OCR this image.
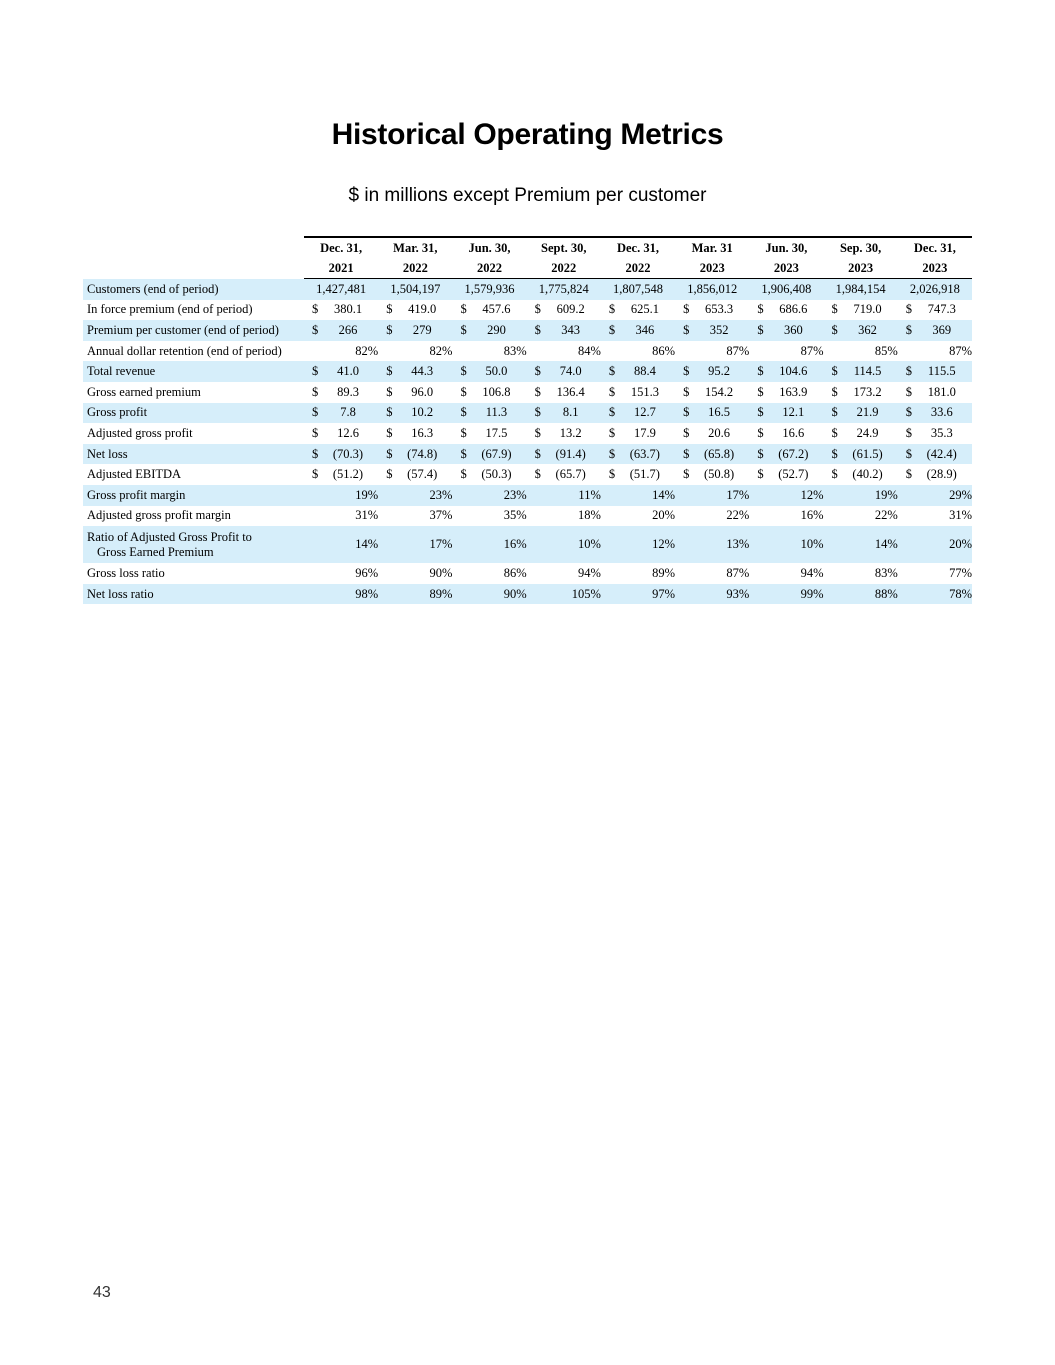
Historical Operating Metrics
$ in millions except Premium per customer
	Dec. 31,	Mar. 31,	Jun. 30,	Sept. 30,	Dec. 31,	Mar. 31	Jun. 30,	Sep. 30,	Dec. 31,
	2021	2022	2022	2022	2022	2023	2023	2023	2023
Customers (end of period)	1,427,481	1,504,197	1,579,936	1,775,824	1,807,548	1,856,012	1,906,408	1,984,154	2,026,918
In force premium (end of period)	$ 380.1	$ 419.0	$ 457.6	$ 609.2	$ 625.1	$ 653.3	$ 686.6	$ 719.0	$ 747.3
Premium per customer (end of period)	$ 266	$ 279	$ 290	$ 343	$ 346	$ 352	$ 360	$ 362	$ 369
Annual dollar retention (end of period)	82%	82%	83%	84%	86%	87%	87%	85%	87%
Total revenue	$ 41.0	$ 44.3	$ 50.0	$ 74.0	$ 88.4	$ 95.2	$ 104.6	$ 114.5	$ 115.5
Gross earned premium	$ 89.3	$ 96.0	$ 106.8	$ 136.4	$ 151.3	$ 154.2	$ 163.9	$ 173.2	$ 181.0
Gross profit	$ 7.8	$ 10.2	$ 11.3	$ 8.1	$ 12.7	$ 16.5	$ 12.1	$ 21.9	$ 33.6
Adjusted gross profit	$ 12.6	$ 16.3	$ 17.5	$ 13.2	$ 17.9	$ 20.6	$ 16.6	$ 24.9	$ 35.3
Net loss	$ (70.3)	$ (74.8)	$ (67.9)	$ (91.4)	$ (63.7)	$ (65.8)	$ (67.2)	$ (61.5)	$ (42.4)
Adjusted EBITDA	$ (51.2)	$ (57.4)	$ (50.3)	$ (65.7)	$ (51.7)	$ (50.8)	$ (52.7)	$ (40.2)	$ (28.9)
Gross profit margin	19%	23%	23%	11%	14%	17%	12%	19%	29%
Adjusted gross profit margin	31%	37%	35%	18%	20%	22%	16%	22%	31%
Ratio of Adjusted Gross Profit to
Gross Earned Premium	14%	17%	16%	10%	12%	13%	10%	14%	20%
Gross loss ratio	96%	90%	86%	94%	89%	87%	94%	83%	77%
Net loss ratio	98%	89%	90%	105%	97%	93%	99%	88%	78%
43
